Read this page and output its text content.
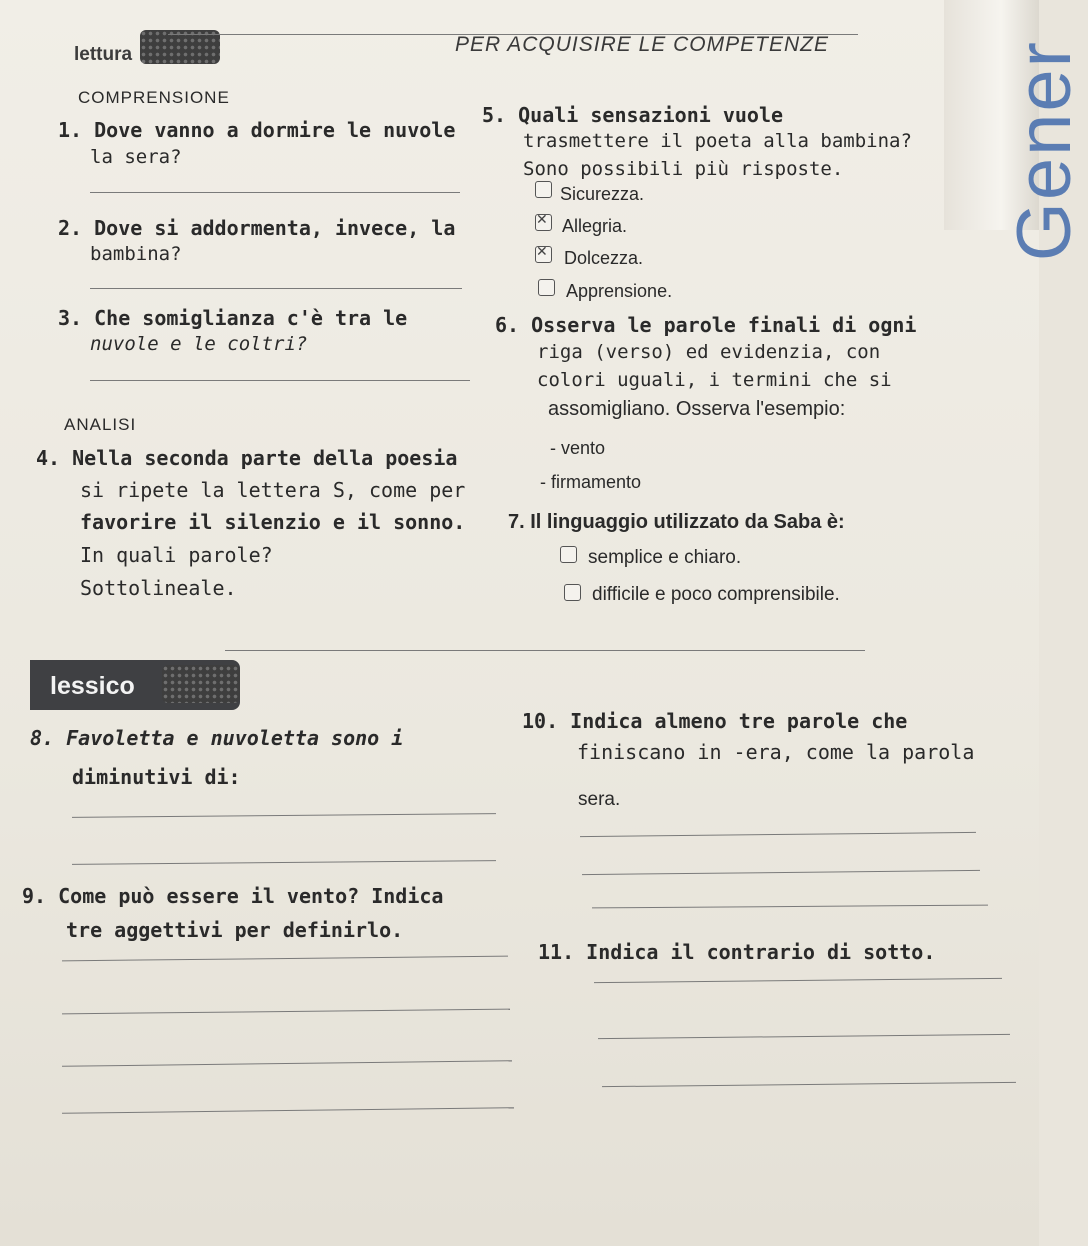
Gener
lettura	PER ACQUISIRE LE COMPETENZE
COMPRENSIONE
1. Dove vanno a dormire le nuvole
la sera?
2. Dove si addormenta, invece, la
bambina?
3. Che somiglianza c'è tra le
nuvole e le coltri?
5. Quali sensazioni vuole
trasmettere il poeta alla bambina?
Sono possibili più risposte.
Sicurezza.
✕ Allegria.
✕ Dolcezza.
Apprensione.
6. Osserva le parole finali di ogni
riga (verso) ed evidenzia, con
colori uguali, i termini che si
assomigliano. Osserva l'esempio:
- vento
- firmamento
ANALISI
4. Nella seconda parte della poesia
si ripete la lettera S, come per
favorire il silenzio e il sonno.
In quali parole?
Sottolineale.
7. Il linguaggio utilizzato da Saba è:
semplice e chiaro.
difficile e poco comprensibile.
lessico
8. Favoletta e nuvoletta sono i
diminutivi di:
10. Indica almeno tre parole che
finiscano in -era, come la parola
sera.
9. Come può essere il vento? Indica
tre aggettivi per definirlo.
11. Indica il contrario di sotto.
